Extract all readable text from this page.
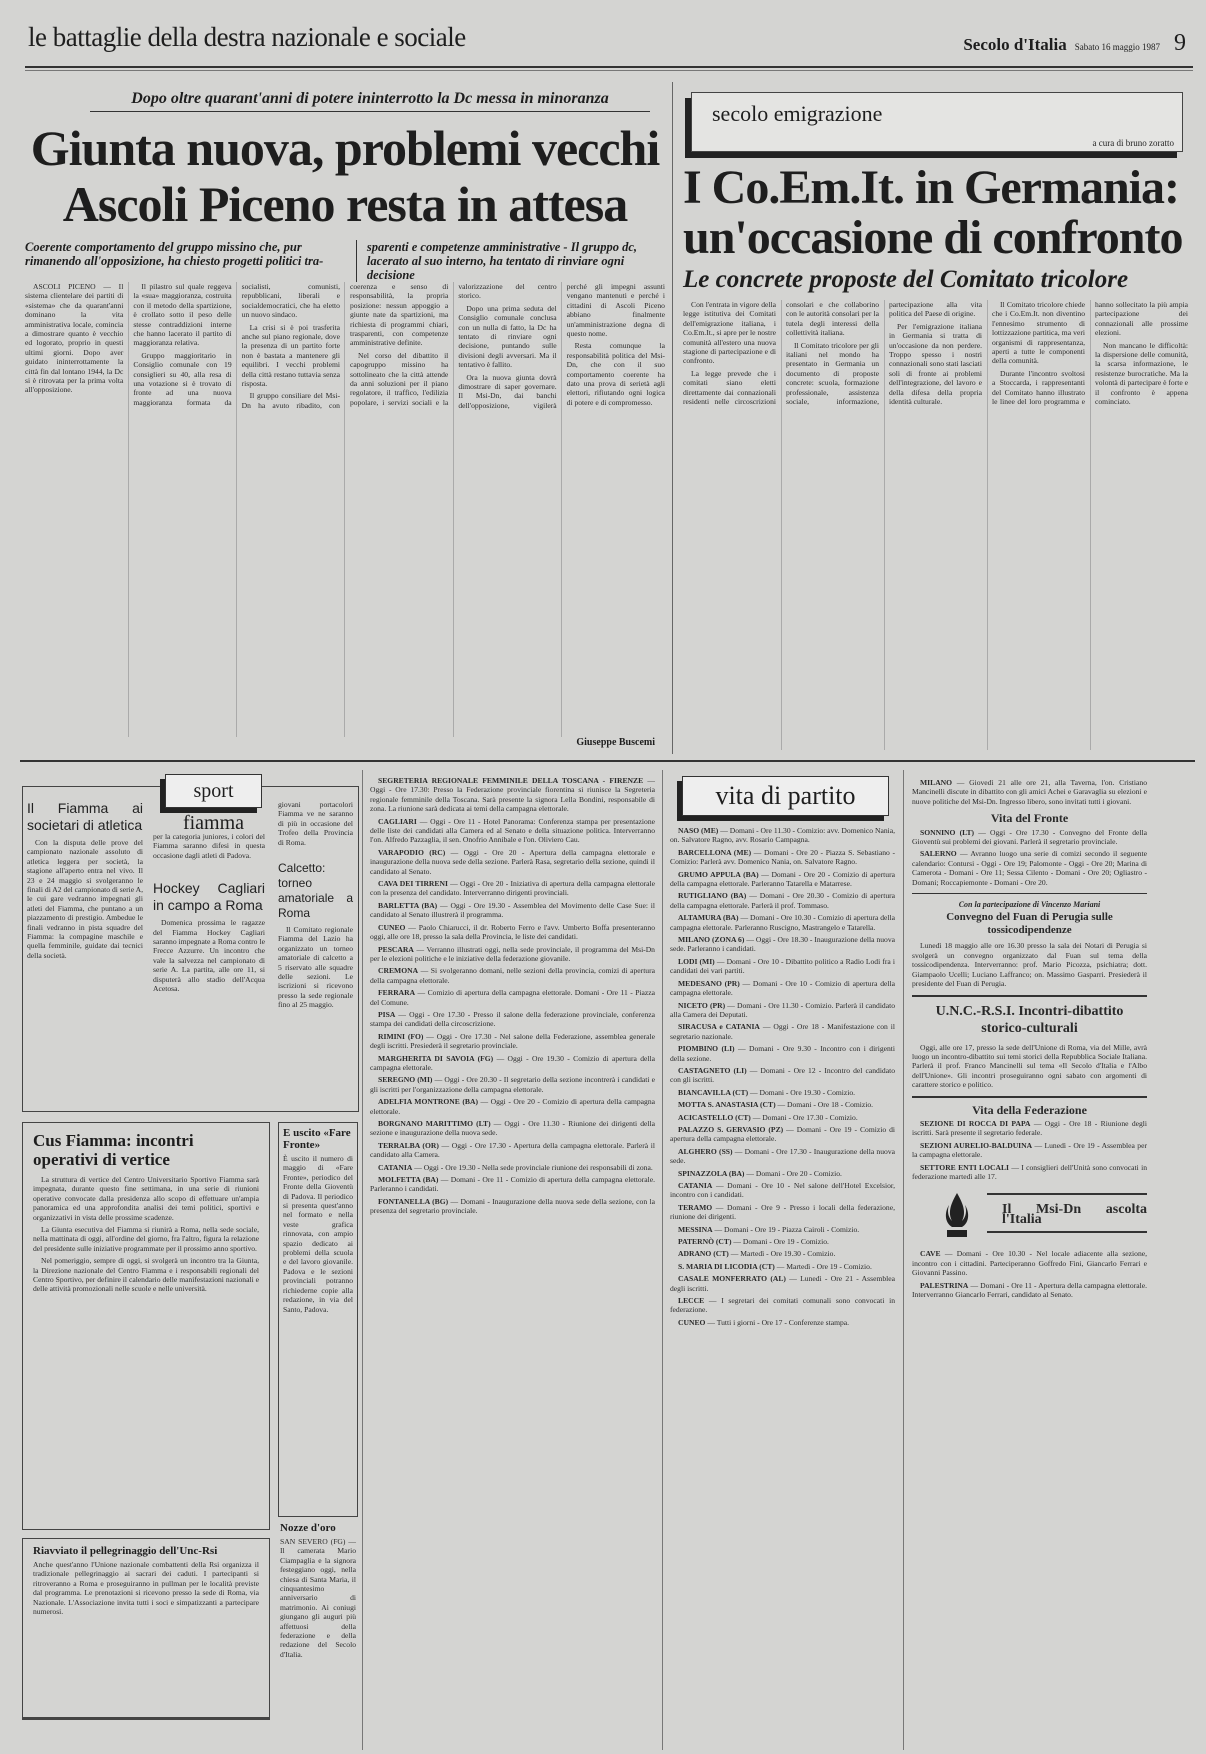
le battaglie della destra nazionale e sociale	Secolo d'Italia Sabato 16 maggio 1987 9
Dopo oltre quarant'anni di potere ininterrotto la Dc messa in minoranza
Giunta nuova, problemi vecchi
Ascoli Piceno resta in attesa
Coerente comportamento del gruppo missino che, pur rimanendo all'opposizione, ha chiesto progetti politici tra-
sparenti e competenze amministrative - Il gruppo dc, lacerato al suo interno, ha tentato di rinviare ogni decisione

ASCOLI PICENO — Il sistema clientelare dei partiti di «sistema» che da quarant'anni dominano la vita amministrativa locale, comincia a dimostrare quanto è vecchio ed logorato, proprio in questi ultimi giorni. Dopo aver guidato ininterrottamente la città fin dal lontano 1944, la Dc si è ritrovata per la prima volta all'opposizione.

Il pilastro sul quale reggeva la «sua» maggioranza, costruita con il metodo della spartizione, è crollato sotto il peso delle stesse contraddizioni interne che hanno lacerato il partito di maggioranza relativa.

Gruppo maggioritario in Consiglio comunale con 19 consiglieri su 40, alla resa di una votazione si è trovato di fronte ad una nuova maggioranza formata da socialisti, comunisti, repubblicani, liberali e socialdemocratici, che ha eletto un nuovo sindaco.

La crisi si è poi trasferita anche sul piano regionale, dove la presenza di un partito forte non è bastata a mantenere gli equilibri. I vecchi problemi della città restano tuttavia senza risposta.

Il gruppo consiliare del Msi-Dn ha avuto ribadito, con coerenza e senso di responsabilità, la propria posizione: nessun appoggio a giunte nate da spartizioni, ma richiesta di programmi chiari, trasparenti, con competenze amministrative definite.

Nel corso del dibattito il capogruppo missino ha sottolineato che la città attende da anni soluzioni per il piano regolatore, il traffico, l'edilizia popolare, i servizi sociali e la valorizzazione del centro storico.

Dopo una prima seduta del Consiglio comunale conclusa con un nulla di fatto, la Dc ha tentato di rinviare ogni decisione, puntando sulle divisioni degli avversari. Ma il tentativo è fallito.

Ora la nuova giunta dovrà dimostrare di saper governare. Il Msi-Dn, dai banchi dell'opposizione, vigilerà perché gli impegni assunti vengano mantenuti e perché i cittadini di Ascoli Piceno abbiano finalmente un'amministrazione degna di questo nome.

Resta comunque la responsabilità politica del Msi-Dn, che con il suo comportamento coerente ha dato una prova di serietà agli elettori, rifiutando ogni logica di potere e di compromesso.

Giuseppe Buscemi
secolo emigrazione
a cura di bruno zoratto
I Co.Em.It. in Germania:
un'occasione di confronto
Le concrete proposte del Comitato tricolore

Con l'entrata in vigore della legge istitutiva dei Comitati dell'emigrazione italiana, i Co.Em.It., si apre per le nostre comunità all'estero una nuova stagione di partecipazione e di confronto.

La legge prevede che i comitati siano eletti direttamente dai connazionali residenti nelle circoscrizioni consolari e che collaborino con le autorità consolari per la tutela degli interessi della collettività italiana.

Il Comitato tricolore per gli italiani nel mondo ha presentato in Germania un documento di proposte concrete: scuola, formazione professionale, assistenza sociale, informazione, partecipazione alla vita politica del Paese di origine.

Per l'emigrazione italiana in Germania si tratta di un'occasione da non perdere. Troppo spesso i nostri connazionali sono stati lasciati soli di fronte ai problemi dell'integrazione, del lavoro e della difesa della propria identità culturale.

Il Comitato tricolore chiede che i Co.Em.It. non diventino l'ennesimo strumento di lottizzazione partitica, ma veri organismi di rappresentanza, aperti a tutte le componenti della comunità.

Durante l'incontro svoltosi a Stoccarda, i rappresentanti del Comitato hanno illustrato le linee del loro programma e hanno sollecitato la più ampia partecipazione dei connazionali alle prossime elezioni.

Non mancano le difficoltà: la dispersione delle comunità, la scarsa informazione, le resistenze burocratiche. Ma la volontà di partecipare è forte e il confronto è appena cominciato.

sport fiamma
Il Fiamma ai societari di atletica

Con la disputa delle prove del campionato nazionale assoluto di atletica leggera per società, la stagione all'aperto entra nel vivo. Il 23 e 24 maggio si svolgeranno le finali di A2 del campionato di serie A, le cui gare vedranno impegnati gli atleti del Fiamma, che puntano a un piazzamento di prestigio. Ambedue le finali vedranno in pista squadre del Fiamma: la compagine maschile e quella femminile, guidate dai tecnici della società.

per la categoria juniores, i colori del Fiamma saranno difesi in questa occasione dagli atleti di Padova.

Hockey Cagliari in campo a Roma

Domenica prossima le ragazze del Fiamma Hockey Cagliari saranno impegnate a Roma contro le Frecce Azzurre. Un incontro che vale la salvezza nel campionato di serie A. La partita, alle ore 11, si disputerà allo stadio dell'Acqua Acetosa.

giovani portacolori Fiamma ve ne saranno di più in occasione del Trofeo della Provincia di Roma.

Calcetto: torneo amatoriale a Roma

Il Comitato regionale Fiamma del Lazio ha organizzato un torneo amatoriale di calcetto a 5 riservato alle squadre delle sezioni. Le iscrizioni si ricevono presso la sede regionale fino al 25 maggio.

Cus Fiamma: incontri operativi di vertice

La struttura di vertice del Centro Universitario Sportivo Fiamma sarà impegnata, durante questo fine settimana, in una serie di riunioni operative convocate dalla presidenza allo scopo di effettuare un'ampia panoramica ed una approfondita analisi dei temi politici, sportivi e organizzativi in vista delle prossime scadenze.

La Giunta esecutiva del Fiamma si riunirà a Roma, nella sede sociale, nella mattinata di oggi, all'ordine del giorno, fra l'altro, figura la relazione del presidente sulle iniziative programmate per il prossimo anno sportivo.

Nel pomeriggio, sempre di oggi, si svolgerà un incontro tra la Giunta, la Direzione nazionale del Centro Fiamma e i responsabili regionali del Centro Sportivo, per definire il calendario delle manifestazioni nazionali e delle attività promozionali nelle scuole e nelle università.

E uscito «Fare Fronte»

È uscito il numero di maggio di «Fare Fronte», periodico del Fronte della Gioventù di Padova. Il periodico si presenta quest'anno nel formato e nella veste grafica rinnovata, con ampio spazio dedicato ai problemi della scuola e del lavoro giovanile. Padova e le sezioni provinciali potranno richiederne copie alla redazione, in via del Santo, Padova.

Riavviato il pellegrinaggio dell'Unc-Rsi

Anche quest'anno l'Unione nazionale combattenti della Rsi organizza il tradizionale pellegrinaggio ai sacrari dei caduti. I partecipanti si ritroveranno a Roma e proseguiranno in pullman per le località previste dal programma. Le prenotazioni si ricevono presso la sede di Roma, via Nazionale. L'Associazione invita tutti i soci e simpatizzanti a partecipare numerosi.

Nozze d'oro

SAN SEVERO (FG) — Il camerata Mario Ciampaglia e la signora festeggiano oggi, nella chiesa di Santa Maria, il cinquantesimo anniversario di matrimonio. Ai coniugi giungano gli auguri più affettuosi della federazione e della redazione del Secolo d'Italia.

SEGRETERIA REGIONALE FEMMINILE DELLA TOSCANA - FIRENZE — Oggi - Ore 17.30: Presso la Federazione provinciale fiorentina si riunisce la Segreteria regionale femminile della Toscana. Sarà presente la signora Lella Bondini, responsabile di zona. La riunione sarà dedicata ai temi della campagna elettorale.

CAGLIARI — Oggi - Ore 11 - Hotel Panorama: Conferenza stampa per presentazione delle liste dei candidati alla Camera ed al Senato e della situazione politica. Interverranno l'on. Alfredo Pazzaglia, il sen. Onofrio Annibale e l'on. Oliviero Cau.

VARAPODIO (RC) — Oggi - Ore 20 - Apertura della campagna elettorale e inaugurazione della nuova sede della sezione. Parlerà Rasa, segretario della sezione, quindi il candidato al Senato.

CAVA DEI TIRRENI — Oggi - Ore 20 - Iniziativa di apertura della campagna elettorale con la presenza del candidato. Interverranno dirigenti provinciali.

BARLETTA (BA) — Oggi - Ore 19.30 - Assemblea del Movimento delle Case Sue: il candidato al Senato illustrerà il programma.

CUNEO — Paolo Chiarucci, il dr. Roberto Ferro e l'avv. Umberto Boffa presenteranno oggi, alle ore 18, presso la sala della Provincia, le liste dei candidati.

PESCARA — Verranno illustrati oggi, nella sede provinciale, il programma del Msi-Dn per le elezioni politiche e le iniziative della federazione giovanile.

CREMONA — Si svolgeranno domani, nelle sezioni della provincia, comizi di apertura della campagna elettorale.

FERRARA — Comizio di apertura della campagna elettorale. Domani - Ore 11 - Piazza del Comune.

PISA — Oggi - Ore 17.30 - Presso il salone della federazione provinciale, conferenza stampa dei candidati della circoscrizione.

RIMINI (FO) — Oggi - Ore 17.30 - Nel salone della Federazione, assemblea generale degli iscritti. Presiederà il segretario provinciale.

MARGHERITA DI SAVOIA (FG) — Oggi - Ore 19.30 - Comizio di apertura della campagna elettorale.

SEREGNO (MI) — Oggi - Ore 20.30 - Il segretario della sezione incontrerà i candidati e gli iscritti per l'organizzazione della campagna elettorale.

ADELFIA MONTRONE (BA) — Oggi - Ore 20 - Comizio di apertura della campagna elettorale.

BORGNANO MARITTIMO (LT) — Oggi - Ore 11.30 - Riunione dei dirigenti della sezione e inaugurazione della nuova sede.

TERRALBA (OR) — Oggi - Ore 17.30 - Apertura della campagna elettorale. Parlerà il candidato alla Camera.

CATANIA — Oggi - Ore 19.30 - Nella sede provinciale riunione dei responsabili di zona.

MOLFETTA (BA) — Domani - Ore 11 - Comizio di apertura della campagna elettorale. Parleranno i candidati.

FONTANELLA (BG) — Domani - Inaugurazione della nuova sede della sezione, con la presenza del segretario provinciale.

vita di partito

NASO (ME) — Domani - Ore 11.30 - Comizio: avv. Domenico Nania, on. Salvatore Ragno, avv. Rosario Campagna.

BARCELLONA (ME) — Domani - Ore 20 - Piazza S. Sebastiano - Comizio: Parlerà avv. Domenico Nania, on. Salvatore Ragno.

GRUMO APPULA (BA) — Domani - Ore 20 - Comizio di apertura della campagna elettorale. Parleranno Tatarella e Matarrese.

RUTIGLIANO (BA) — Domani - Ore 20.30 - Comizio di apertura della campagna elettorale. Parlerà il prof. Tommaso.

ALTAMURA (BA) — Domani - Ore 10.30 - Comizio di apertura della campagna elettorale. Parleranno Ruscigno, Mastrangelo e Tatarella.

MILANO (ZONA 6) — Oggi - Ore 18.30 - Inaugurazione della nuova sede. Parleranno i candidati.

LODI (MI) — Domani - Ore 10 - Dibattito politico a Radio Lodi fra i candidati dei vari partiti.

MEDESANO (PR) — Domani - Ore 10 - Comizio di apertura della campagna elettorale.

NICETO (PR) — Domani - Ore 11.30 - Comizio. Parlerà il candidato alla Camera dei Deputati.

SIRACUSA e CATANIA — Oggi - Ore 18 - Manifestazione con il segretario nazionale.

PIOMBINO (LI) — Domani - Ore 9.30 - Incontro con i dirigenti della sezione.

CASTAGNETO (LI) — Domani - Ore 12 - Incontro del candidato con gli iscritti.

BIANCAVILLA (CT) — Domani - Ore 19.30 - Comizio.

MOTTA S. ANASTASIA (CT) — Domani - Ore 18 - Comizio.

ACICASTELLO (CT) — Domani - Ore 17.30 - Comizio.

PALAZZO S. GERVASIO (PZ) — Domani - Ore 19 - Comizio di apertura della campagna elettorale.

ALGHERO (SS) — Domani - Ore 17.30 - Inaugurazione della nuova sede.

SPINAZZOLA (BA) — Domani - Ore 20 - Comizio.

CATANIA — Domani - Ore 10 - Nel salone dell'Hotel Excelsior, incontro con i candidati.

TERAMO — Domani - Ore 9 - Presso i locali della federazione, riunione dei dirigenti.

MESSINA — Domani - Ore 19 - Piazza Cairoli - Comizio.

PATERNÒ (CT) — Domani - Ore 19 - Comizio.

ADRANO (CT) — Martedì - Ore 19.30 - Comizio.

S. MARIA DI LICODIA (CT) — Martedì - Ore 19 - Comizio.

CASALE MONFERRATO (AL) — Lunedì - Ore 21 - Assemblea degli iscritti.

LECCE — I segretari dei comitati comunali sono convocati in federazione.

CUNEO — Tutti i giorni - Ore 17 - Conferenze stampa.

MILANO — Giovedì 21 alle ore 21, alla Taverna, l'on. Cristiano Mancinelli discute in dibattito con gli amici Achei e Garavaglia su elezioni e nuove politiche del Msi-Dn. Ingresso libero, sono invitati tutti i giovani.

Vita del Fronte

SONNINO (LT) — Oggi - Ore 17.30 - Convegno del Fronte della Gioventù sui problemi dei giovani. Parlerà il segretario provinciale.

SALERNO — Avranno luogo una serie di comizi secondo il seguente calendario: Contursi - Oggi - Ore 19; Palomonte - Oggi - Ore 20; Marina di Camerota - Domani - Ore 11; Sessa Cilento - Domani - Ore 20; Ogliastro - Domani; Roccapiemonte - Domani - Ore 20.

Con la partecipazione di Vincenzo Mariani
Convegno del Fuan di Perugia sulle tossicodipendenze

Lunedì 18 maggio alle ore 16.30 presso la sala dei Notari di Perugia si svolgerà un convegno organizzato dal Fuan sul tema della tossicodipendenza. Interverranno: prof. Mario Picozza, psichiatra; dott. Giampaolo Ucelli; Luciano Laffranco; on. Massimo Gasparri. Presiederà il presidente del Fuan di Perugia.

U.N.C.-R.S.I. Incontri-dibattito storico-culturali

Oggi, alle ore 17, presso la sede dell'Unione di Roma, via del Mille, avrà luogo un incontro-dibattito sui temi storici della Repubblica Sociale Italiana. Parlerà il prof. Franco Mancinelli sul tema «Il Secolo d'Italia e l'Albo dell'Unione». Gli incontri proseguiranno ogni sabato con argomenti di carattere storico e politico.

Vita della Federazione

SEZIONE DI ROCCA DI PAPA — Oggi - Ore 18 - Riunione degli iscritti. Sarà presente il segretario federale.

SEZIONI AURELIO-BALDUINA — Lunedì - Ore 19 - Assemblea per la campagna elettorale.

SETTORE ENTI LOCALI — I consiglieri dell'Unità sono convocati in federazione martedì alle 17.

Il Msi-Dn ascolta l'Italia

CAVE — Domani - Ore 10.30 - Nel locale adiacente alla sezione, incontro con i cittadini. Parteciperanno Goffredo Fini, Giancarlo Ferrari e Giovanni Passino.

PALESTRINA — Domani - Ore 11 - Apertura della campagna elettorale. Interverranno Giancarlo Ferrari, candidato al Senato.
